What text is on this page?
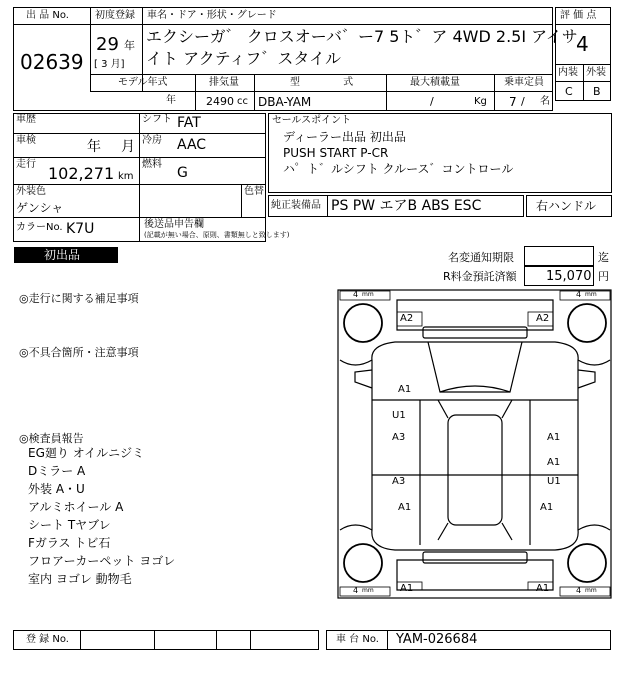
出 品 No.
02639
初度登録
29 年
[ 3 月]
車名・ドア・形状・グレード
エクシーガ゛ クロスオーバ゛ー7 5ト゛ア 4WD 2.5I アイサ
イト アクティフ゛スタイル
モデル年式
年
排気量
2490 cc
型 式
DBA-YAM
最大積載量
/	Kg
乗車定員
7 / 名
評 価 点
4
内装 外装
C B
車歴	シフト FAT
車検	年 月 冷房 AAC
走行 102,271 km
燃料
G
外装色
ゲンシャ
色替
カラーNo. K7U	後送品申告欄
(記載が無い場合、原則、書類無しと致します)
セールスポイント
ディーラー出品 初出品
PUSH START P-CR
ハ゜ト゛ルシフト クルース゛コントロール
純正装備品 PS PW エアB ABS ESC	右ハンドル
初出品	名変通知期限	迄
R料金預託済額 15,070 円
◎走行に関する補足事項
◎不具合箇所・注意事項
◎検査員報告
EG廻り オイルニジミ
Dミラー A
外装 A・U
アルミホイール A
シート Tヤブレ
Fガラス トビ石
フロアーカーペット ヨゴレ
室内 ヨゴレ 動物毛
4 mm	4 mm
4 mm	4 mm
A2	A2
A1
U1
A3	A1
A1
A3	U1
A1	A1
A1	A1
登 録 No.	車 台 No. YAM-026684
